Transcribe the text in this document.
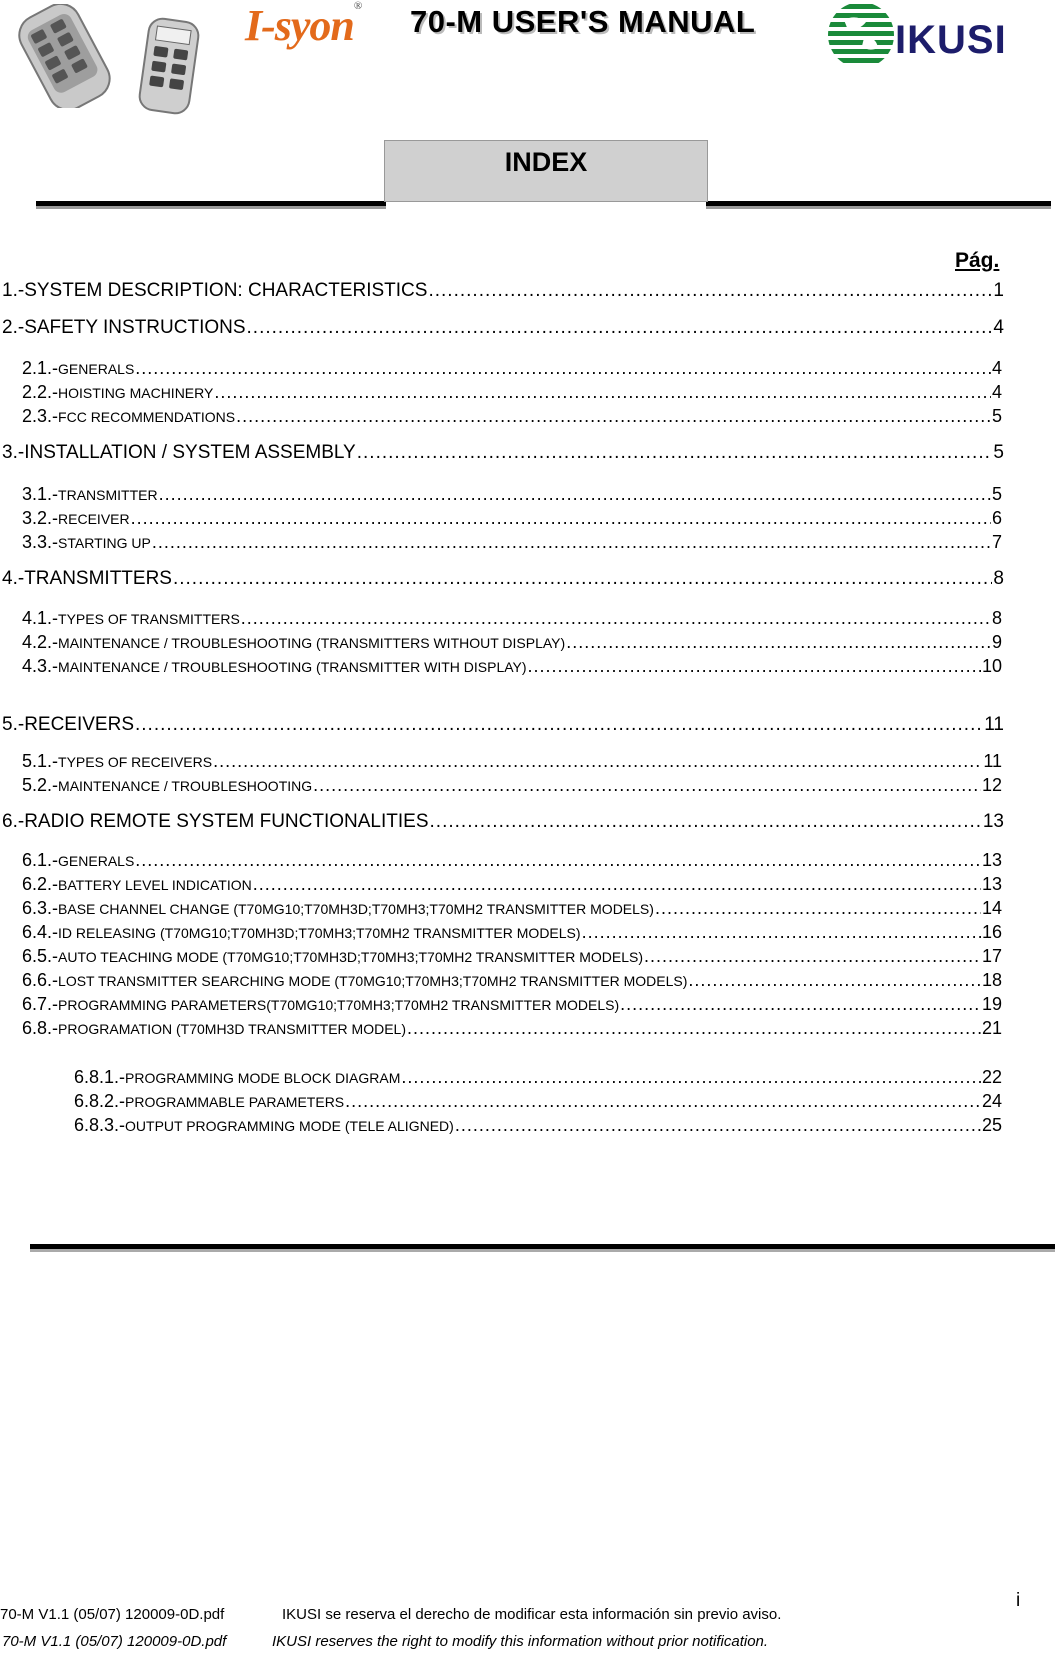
I-syon® 70-M USER'S MANUAL	IKUSI
INDEX
Pág.
1.- SYSTEM DESCRIPTION: CHARACTERISTICS .....	1
2.- SAFETY INSTRUCTIONS .....	4
2.1.- GENERALS .....	4
2.2.- HOISTING MACHINERY .....	4
2.3.- FCC RECOMMENDATIONS .....	5
3.- INSTALLATION / SYSTEM ASSEMBLY .....	5
3.1.- TRANSMITTER .....	5
3.2.- RECEIVER .....	6
3.3.- STARTING UP .....	7
4.- TRANSMITTERS .....	8
4.1.- TYPES OF TRANSMITTERS .....	8
4.2.- MAINTENANCE / TROUBLESHOOTING (TRANSMITTERS WITHOUT DISPLAY) .....	9
4.3.- MAINTENANCE / TROUBLESHOOTING (TRANSMITTER WITH DISPLAY) .....	10
5.- RECEIVERS .....	11
5.1.- TYPES OF RECEIVERS .....	11
5.2.- MAINTENANCE / TROUBLESHOOTING .....	12
6.- RADIO REMOTE SYSTEM FUNCTIONALITIES .....	13
6.1.- GENERALS .....	13
6.2.- BATTERY LEVEL INDICATION .....	13
6.3.- BASE CHANNEL CHANGE (T70MG10;T70MH3D;T70MH3;T70MH2 TRANSMITTER MODELS) .....	14
6.4.- ID RELEASING (T70MG10;T70MH3D;T70MH3;T70MH2 TRANSMITTER MODELS) .....	16
6.5.- AUTO TEACHING MODE (T70MG10;T70MH3D;T70MH3;T70MH2 TRANSMITTER MODELS) .....	17
6.6.- LOST TRANSMITTER SEARCHING MODE (T70MG10;T70MH3;T70MH2 TRANSMITTER MODELS) .....	18
6.7.- PROGRAMMING PARAMETERS(T70MG10;T70MH3;T70MH2 TRANSMITTER MODELS) .....	19
6.8.- PROGRAMATION (T70MH3D TRANSMITTER MODEL) .....	21
6.8.1.- PROGRAMMING MODE BLOCK DIAGRAM .....	22
6.8.2.- PROGRAMMABLE PARAMETERS .....	24
6.8.3.- OUTPUT PROGRAMMING MODE (TELE ALIGNED) .....	25
70-M V1.1 (05/07) 120009-0D.pdf	IKUSI se reserva el derecho de modificar esta información sin previo aviso.
70-M V1.1 (05/07) 120009-0D.pdf	IKUSI reserves the right to modify this information without prior notification.
i
